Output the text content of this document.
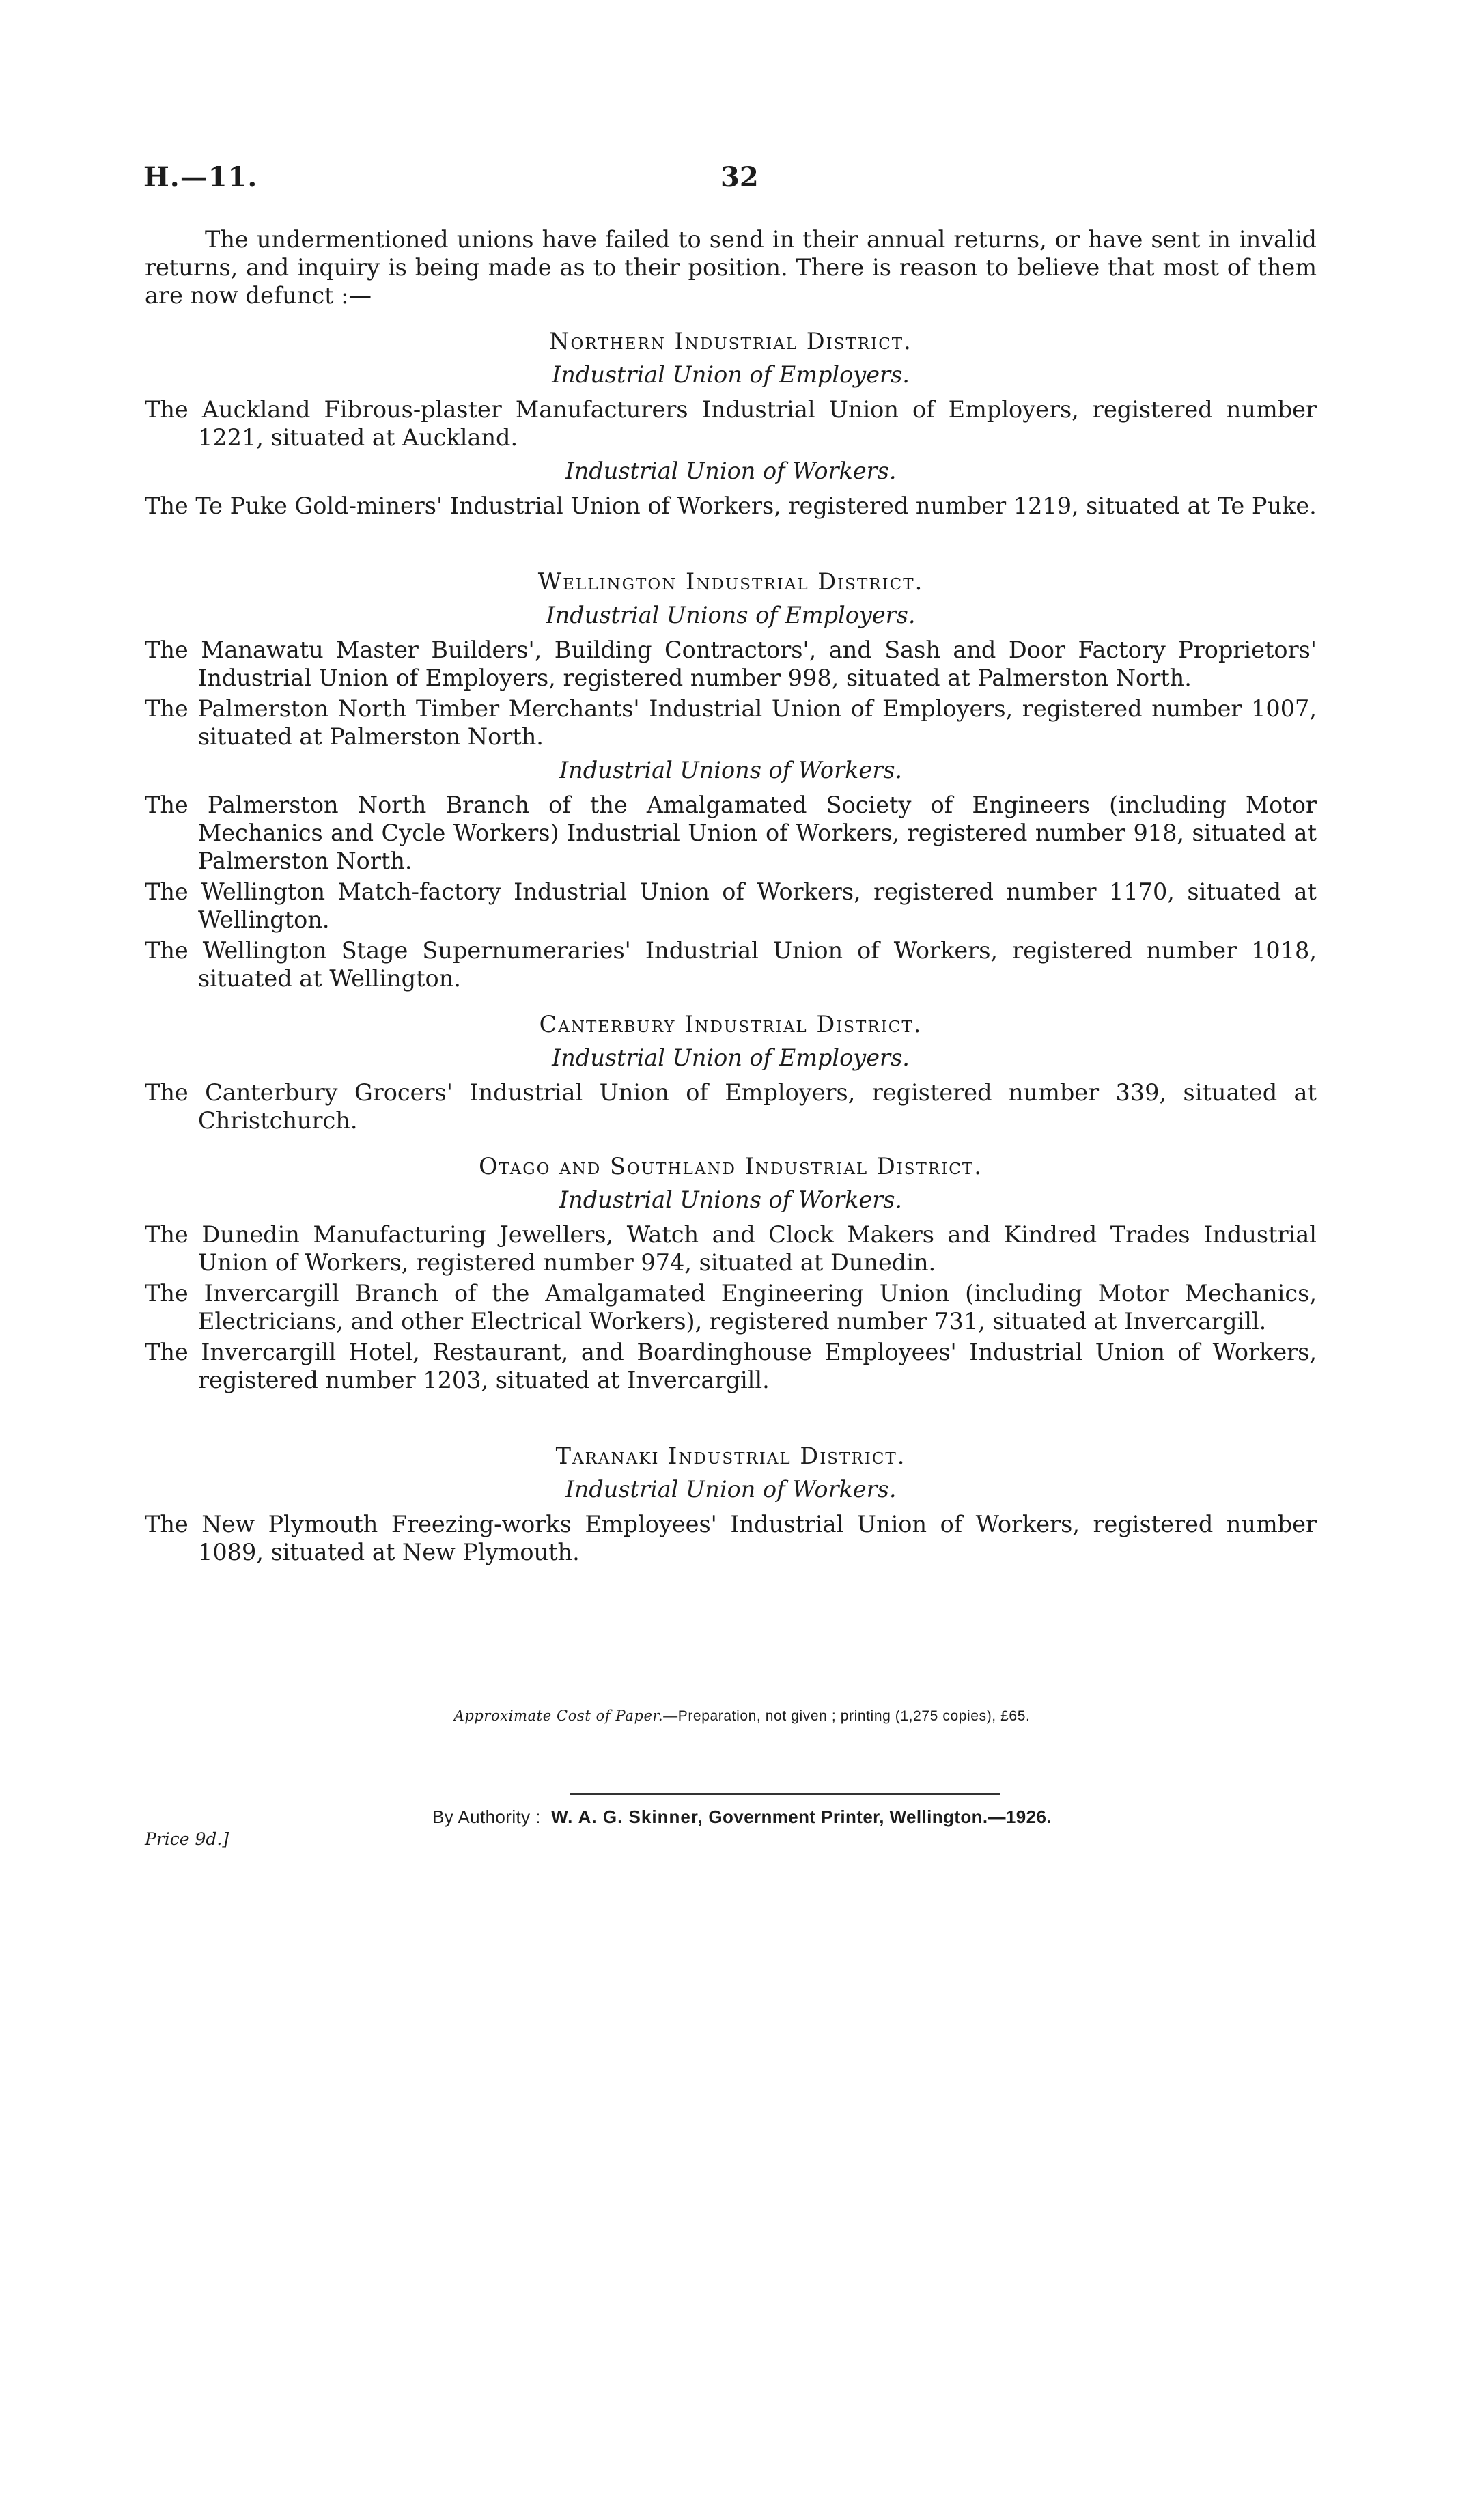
H.—11.	32

The undermentioned unions have failed to send in their annual returns, or have sent in invalid returns, and inquiry is being made as to their position. There is reason to believe that most of them are now defunct :—

Northern Industrial District.
Industrial Union of Employers.

The Auckland Fibrous-plaster Manufacturers Industrial Union of Employers, registered number 1221, situated at Auckland.

Industrial Union of Workers.

The Te Puke Gold-miners' Industrial Union of Workers, registered number 1219, situated at Te Puke.

Wellington Industrial District.
Industrial Unions of Employers.

The Manawatu Master Builders', Building Contractors', and Sash and Door Factory Proprietors' Industrial Union of Employers, registered number 998, situated at Palmerston North.

The Palmerston North Timber Merchants' Industrial Union of Employers, registered number 1007, situated at Palmerston North.

Industrial Unions of Workers.

The Palmerston North Branch of the Amalgamated Society of Engineers (including Motor Mechanics and Cycle Workers) Industrial Union of Workers, registered number 918, situated at Palmerston North.

The Wellington Match-factory Industrial Union of Workers, registered number 1170, situated at Wellington.

The Wellington Stage Supernumeraries' Industrial Union of Workers, registered number 1018, situated at Wellington.

Canterbury Industrial District.
Industrial Union of Employers.

The Canterbury Grocers' Industrial Union of Employers, registered number 339, situated at Christchurch.

Otago and Southland Industrial District.
Industrial Unions of Workers.

The Dunedin Manufacturing Jewellers, Watch and Clock Makers and Kindred Trades Industrial Union of Workers, registered number 974, situated at Dunedin.

The Invercargill Branch of the Amalgamated Engineering Union (including Motor Mechanics, Electricians, and other Electrical Workers), registered number 731, situated at Invercargill.

The Invercargill Hotel, Restaurant, and Boardinghouse Employees' Industrial Union of Workers, registered number 1203, situated at Invercargill.

Taranaki Industrial District.
Industrial Union of Workers.

The New Plymouth Freezing-works Employees' Industrial Union of Workers, registered number 1089, situated at New Plymouth.

Approximate Cost of Paper.—Preparation, not given ; printing (1,275 copies), £65.
By Authority : W. A. G. Skinner, Government Printer, Wellington.—1926.
Price 9d.]
